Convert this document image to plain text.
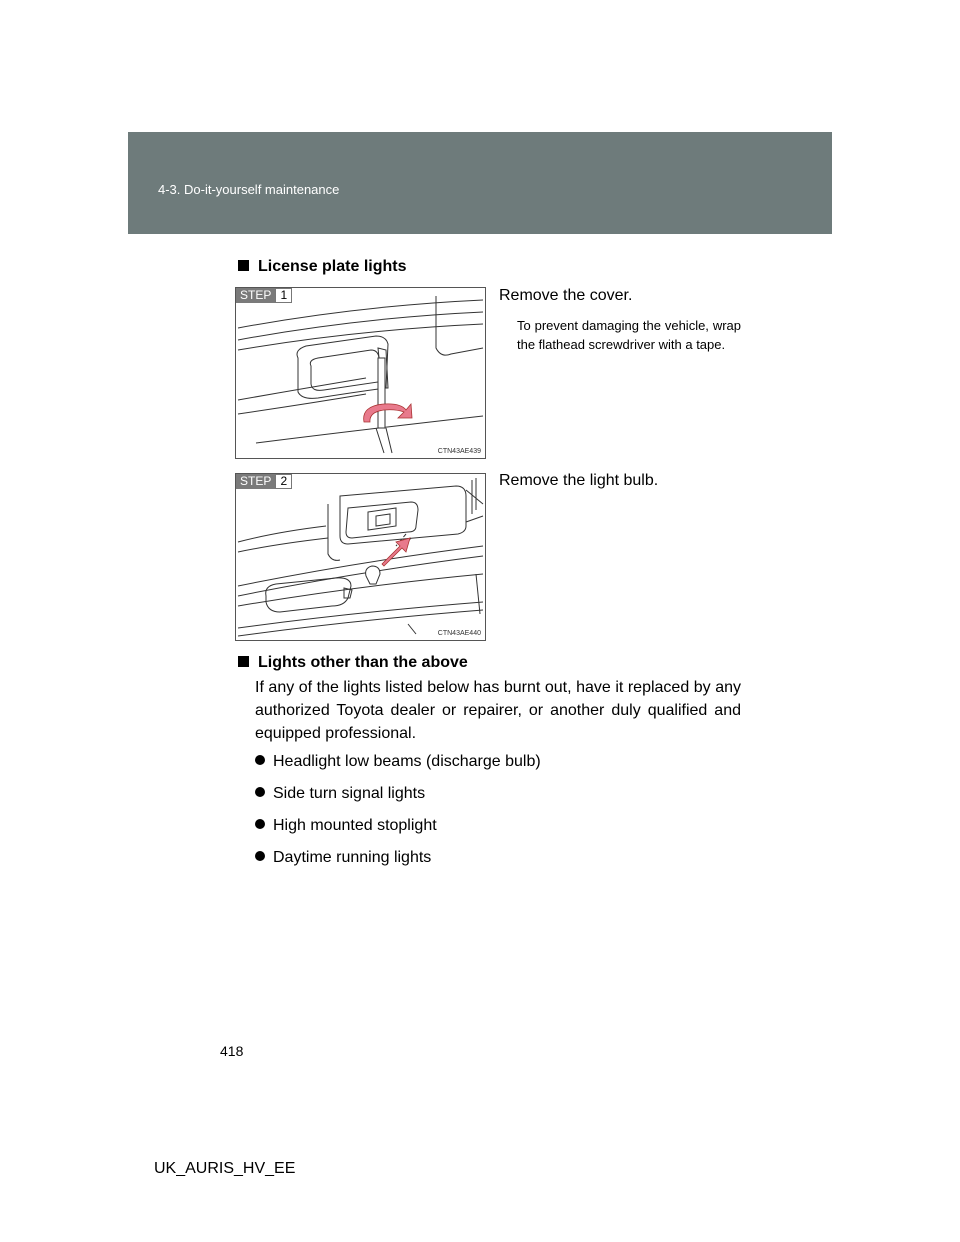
4-3. Do-it-yourself maintenance
License plate lights
STEP 1
CTN43AE439
Remove the cover.
To prevent damaging the vehicle, wrap the flathead screwdriver with a tape.
STEP 2
CTN43AE440
Remove the light bulb.
Lights other than the above
If any of the lights listed below has burnt out, have it replaced by any authorized Toyota dealer or repairer, or another duly qualified and equipped professional.
Headlight low beams (discharge bulb)
Side turn signal lights
High mounted stoplight
Daytime running lights
418
UK_AURIS_HV_EE
